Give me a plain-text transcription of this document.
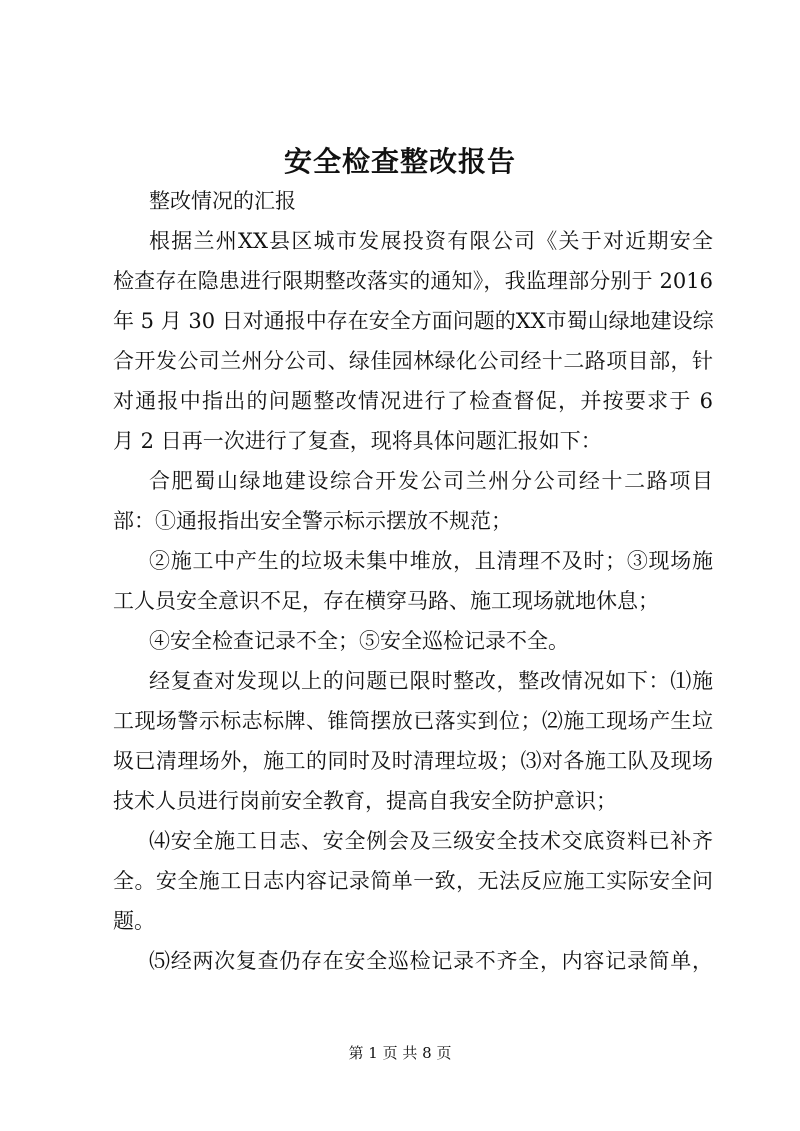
安全检查整改报告
整改情况的汇报
根据兰州XX县区城市发展投资有限公司《关于对近期安全
检查存在隐患进行限期整改落实的通知》，我监理部分别于 2016
年 5 月 30 日对通报中存在安全方面问题的XX市蜀山绿地建设综
合开发公司兰州分公司、绿佳园林绿化公司经十二路项目部，针
对通报中指出的问题整改情况进行了检查督促，并按要求于 6
月 2 日再一次进行了复查，现将具体问题汇报如下：
合肥蜀山绿地建设综合开发公司兰州分公司经十二路项目
部：①通报指出安全警示标示摆放不规范；
②施工中产生的垃圾未集中堆放，且清理不及时；③现场施
工人员安全意识不足，存在横穿马路、施工现场就地休息；
④安全检查记录不全；⑤安全巡检记录不全。
经复查对发现以上的问题已限时整改，整改情况如下：⑴施
工现场警示标志标牌、锥筒摆放已落实到位；⑵施工现场产生垃
圾已清理场外，施工的同时及时清理垃圾；⑶对各施工队及现场
技术人员进行岗前安全教育，提高自我安全防护意识；
⑷安全施工日志、安全例会及三级安全技术交底资料已补齐
全。安全施工日志内容记录简单一致，无法反应施工实际安全问
题。
⑸经两次复查仍存在安全巡检记录不齐全，内容记录简单，
第 1 页 共 8 页
